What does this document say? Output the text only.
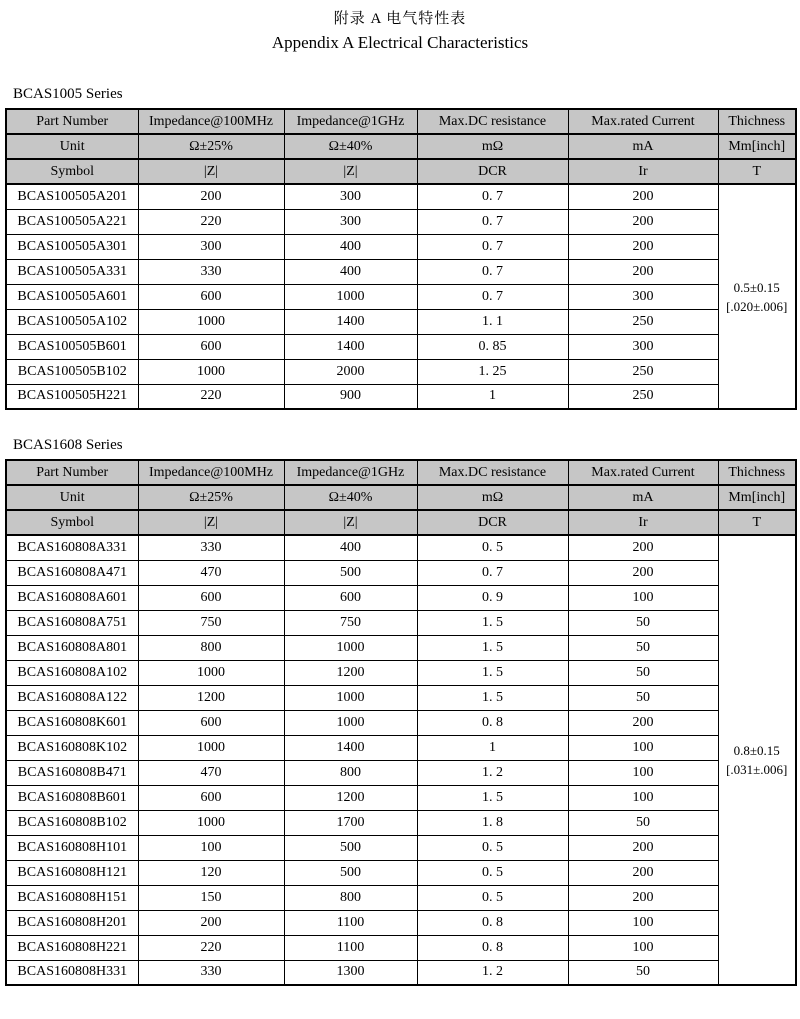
附录 A 电气特性表
Appendix A Electrical Characteristics
BCAS1005 Series
Part Number	Impedance@100MHz	Impedance@1GHz	Max.DC resistance	Max.rated Current	Thichness
Unit	Ω±25%	Ω±40%	mΩ	mA	Mm[inch]
Symbol	|Z|	|Z|	DCR	Ir	T
BCAS100505A201	200	300	0. 7	200	0.5±0.15
[.020±.006]

BCAS100505A221	220	300	0. 7	200	
BCAS100505A301	300	400	0. 7	200	
BCAS100505A331	330	400	0. 7	200	
BCAS100505A601	600	1000	0. 7	300	
BCAS100505A102	1000	1400	1. 1	250	
BCAS100505B601	600	1400	0. 85	300	
BCAS100505B102	1000	2000	1. 25	250	
BCAS100505H221	220	900	1	250	
BCAS1608 Series
Part Number	Impedance@100MHz	Impedance@1GHz	Max.DC resistance	Max.rated Current	Thichness
Unit	Ω±25%	Ω±40%	mΩ	mA	Mm[inch]
Symbol	|Z|	|Z|	DCR	Ir	T
BCAS160808A331	330	400	0. 5	200	0.8±0.15
[.031±.006]

BCAS160808A471	470	500	0. 7	200	
BCAS160808A601	600	600	0. 9	100	
BCAS160808A751	750	750	1. 5	50	
BCAS160808A801	800	1000	1. 5	50	
BCAS160808A102	1000	1200	1. 5	50	
BCAS160808A122	1200	1000	1. 5	50	
BCAS160808K601	600	1000	0. 8	200	
BCAS160808K102	1000	1400	1	100	
BCAS160808B471	470	800	1. 2	100	
BCAS160808B601	600	1200	1. 5	100	
BCAS160808B102	1000	1700	1. 8	50	
BCAS160808H101	100	500	0. 5	200	
BCAS160808H121	120	500	0. 5	200	
BCAS160808H151	150	800	0. 5	200	
BCAS160808H201	200	1100	0. 8	100	
BCAS160808H221	220	1100	0. 8	100	
BCAS160808H331	330	1300	1. 2	50	
